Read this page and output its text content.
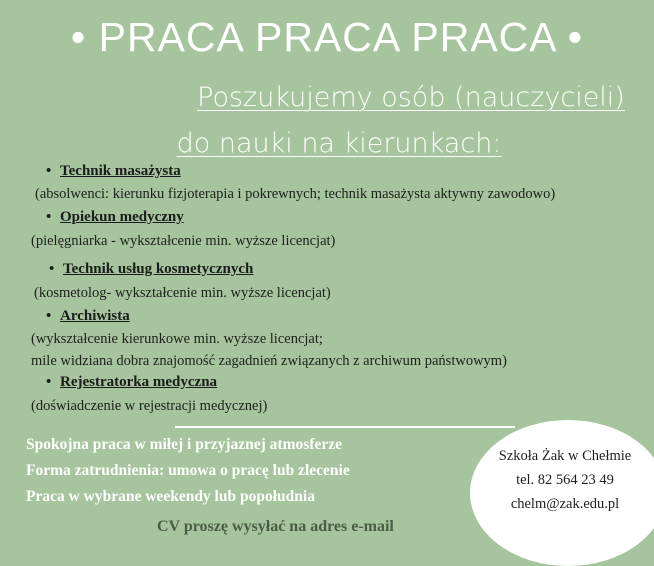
• PRACA PRACA PRACA •
Poszukujemy osób (nauczycieli)
do nauki na kierunkach:
• Technik masażysta
(absolwenci: kierunku fizjoterapia i pokrewnych; technik masażysta aktywny zawodowo)
• Opiekun medyczny
(pielęgniarka - wykształcenie min. wyższe licencjat)
• Technik usług kosmetycznych
(kosmetolog- wykształcenie min. wyższe licencjat)
• Archiwista
(wykształcenie kierunkowe min. wyższe licencjat;
mile widziana dobra znajomość zagadnień związanych z archiwum państwowym)
• Rejestratorka medyczna
(doświadczenie w rejestracji medycznej)
Spokojna praca w miłej i przyjaznej atmosferze
Forma zatrudnienia: umowa o pracę lub zlecenie
Praca w wybrane weekendy lub popołudnia
CV proszę wysyłać na adres e-mail
Szkoła Żak w Chełmie
tel. 82 564 23 49
chelm@zak.edu.pl
